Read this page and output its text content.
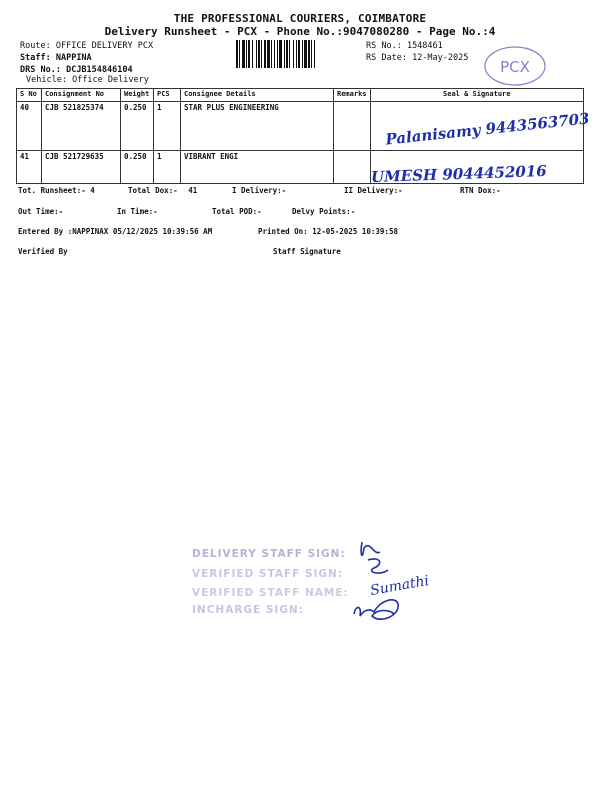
THE PROFESSIONAL COURIERS, COIMBATORE
Delivery Runsheet - PCX - Phone No.:9047080280 - Page No.:4
Route: OFFICE DELIVERY PCX
Staff: NAPPINA
DRS No.: DCJB154846104
Vehicle: Office Delivery
RS No.: 1548461
RS Date: 12-May-2025 PCX
S No	Consignment No	Weight	PCS	Consignee Details	Remarks	Seal & Signature
40	CJB 521825374	0.250	1	STAR PLUS ENGINEERING		Palanisamy 9443563703

41	CJB 521729635	0.250	1	VIBRANT ENGI		UMESH 9044452016
Tot. Runsheet:- 4	Total Dox:- 41	I Delivery:-	II Delivery:-	RTN Dox:-
Out Time:-	In Time:-	Total POD:-	Delvy Points:-
Entered By :NAPPINAX 05/12/2025 10:39:56 AM	Printed On: 12-05-2025 10:39:58
Verified By	Staff Signature
DELIVERY STAFF SIGN:
VERIFIED STAFF SIGN:
VERIFIED STAFF NAME:
INCHARGE SIGN:
Sumathi
